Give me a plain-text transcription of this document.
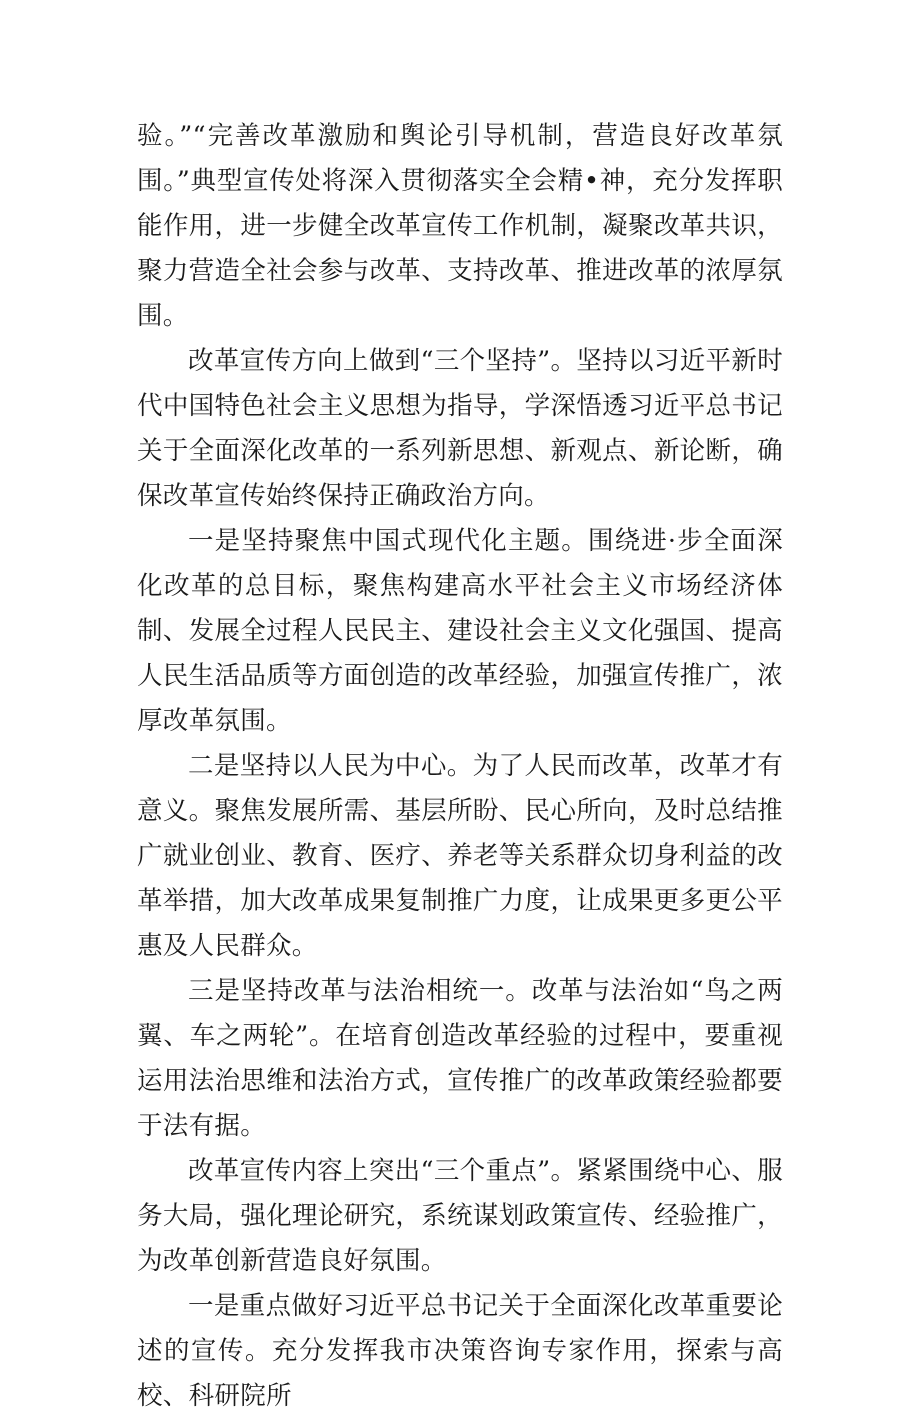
验。”“完善改革激励和舆论引导机制，营造良好改革氛围。”典型宣传处将深入贯彻落实全会精•神，充分发挥职能作用，进一步健全改革宣传工作机制，凝聚改革共识，聚力营造全社会参与改革、支持改革、推进改革的浓厚氛围。

改革宣传方向上做到“三个坚持”。坚持以习近平新时代中国特色社会主义思想为指导，学深悟透习近平总书记关于全面深化改革的一系列新思想、新观点、新论断，确保改革宣传始终保持正确政治方向。

一是坚持聚焦中国式现代化主题。围绕进·步全面深化改革的总目标，聚焦构建高水平社会主义市场经济体制、发展全过程人民民主、建设社会主义文化强国、提高人民生活品质等方面创造的改革经验，加强宣传推广，浓厚改革氛围。

二是坚持以人民为中心。为了人民而改革，改革才有意义。聚焦发展所需、基层所盼、民心所向，及时总结推广就业创业、教育、医疗、养老等关系群众切身利益的改革举措，加大改革成果复制推广力度，让成果更多更公平惠及人民群众。

三是坚持改革与法治相统一。改革与法治如“鸟之两翼、车之两轮”。在培育创造改革经验的过程中，要重视运用法治思维和法治方式，宣传推广的改革政策经验都要于法有据。

改革宣传内容上突出“三个重点”。紧紧围绕中心、服务大局，强化理论研究，系统谋划政策宣传、经验推广，为改革创新营造良好氛围。

一是重点做好习近平总书记关于全面深化改革重要论述的宣传。充分发挥我市决策咨询专家作用，探索与高校、科研院所
